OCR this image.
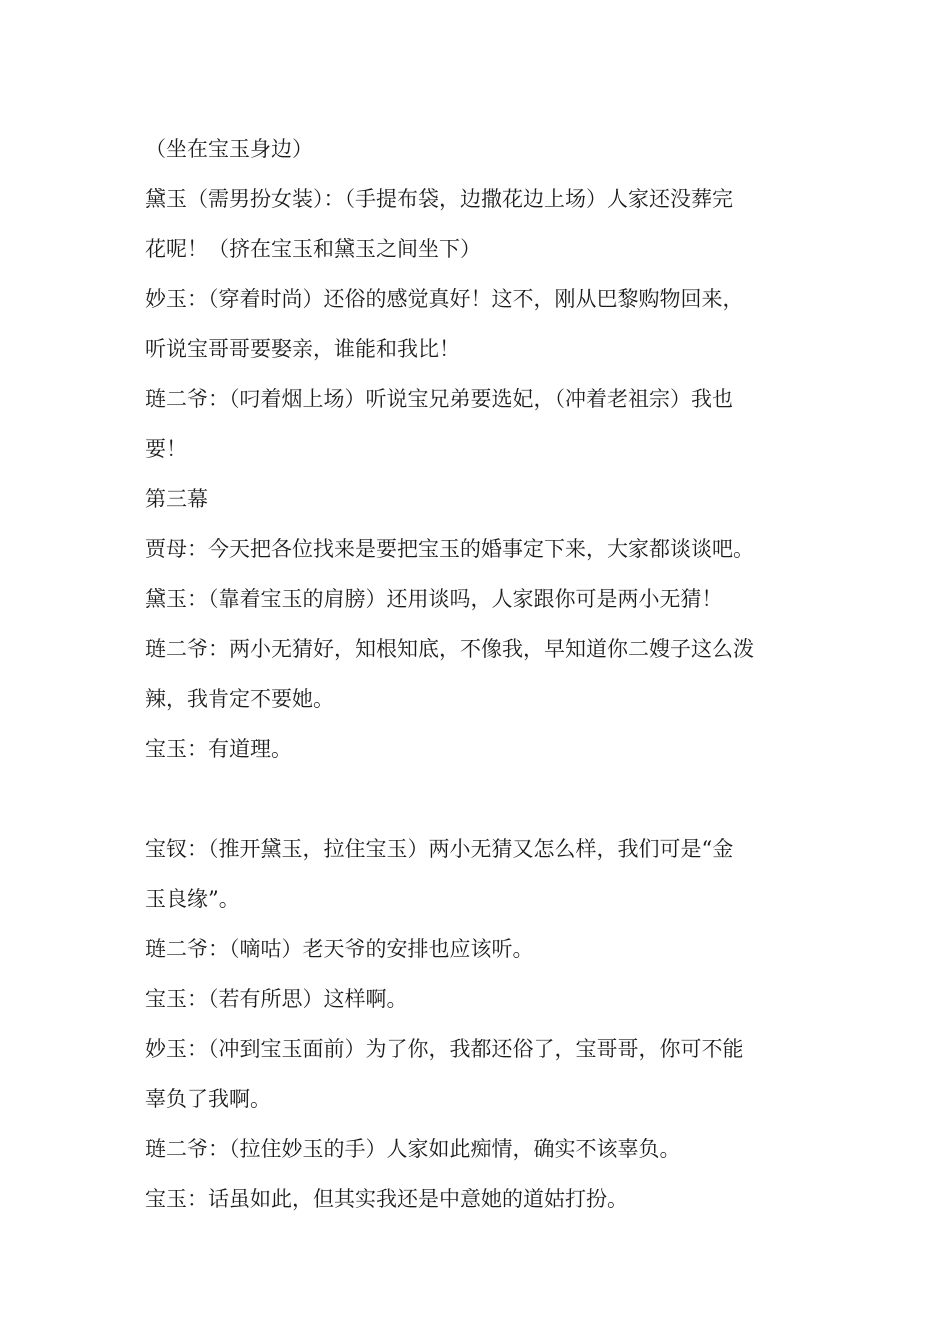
（坐在宝玉身边）

黛玉（需男扮女装）：（手提布袋，边撒花边上场）人家还没葬完

花呢！（挤在宝玉和黛玉之间坐下）

妙玉：（穿着时尚）还俗的感觉真好！这不，刚从巴黎购物回来，

听说宝哥哥要娶亲，谁能和我比！

琏二爷：（叼着烟上场）听说宝兄弟要选妃，（冲着老祖宗）我也

要！

第三幕

贾母：今天把各位找来是要把宝玉的婚事定下来，大家都谈谈吧。

黛玉：（靠着宝玉的肩膀）还用谈吗，人家跟你可是两小无猜！

琏二爷：两小无猜好，知根知底，不像我，早知道你二嫂子这么泼

辣，我肯定不要她。

宝玉：有道理。

宝钗：（推开黛玉，拉住宝玉）两小无猜又怎么样，我们可是“金

玉良缘”。

琏二爷：（嘀咕）老天爷的安排也应该听。

宝玉：（若有所思）这样啊。

妙玉：（冲到宝玉面前）为了你，我都还俗了，宝哥哥，你可不能

辜负了我啊。

琏二爷：（拉住妙玉的手）人家如此痴情，确实不该辜负。

宝玉：话虽如此，但其实我还是中意她的道姑打扮。
